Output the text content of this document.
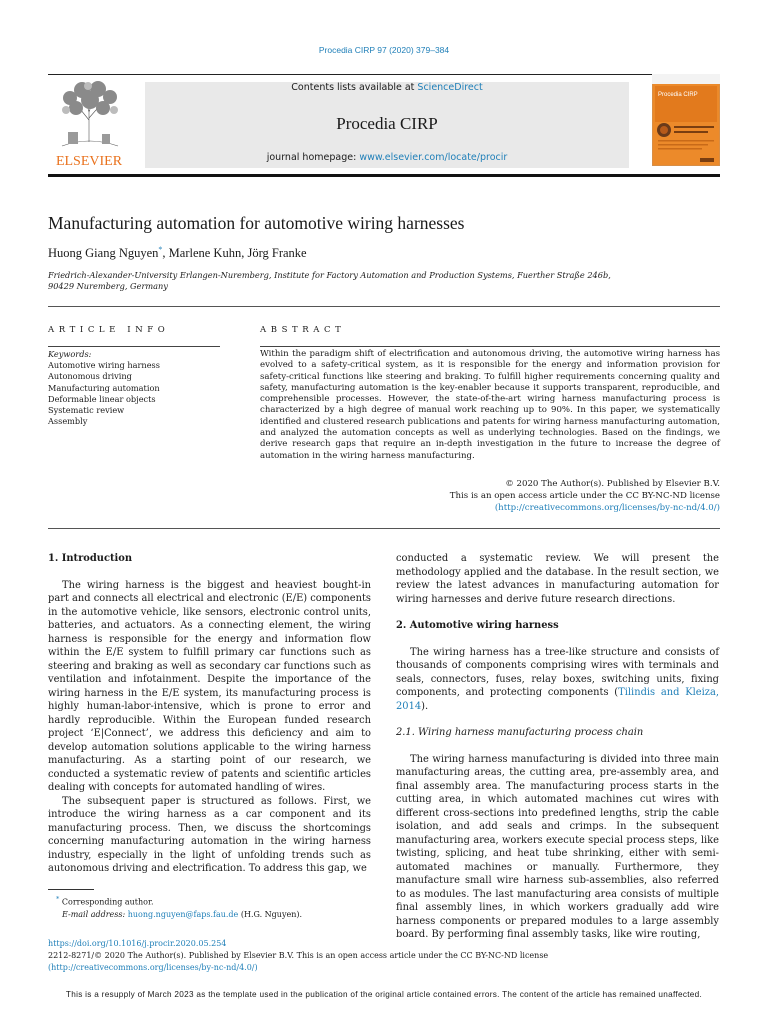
Procedia CIRP 97 (2020) 379–384
ELSEVIER
Contents lists available at ScienceDirect
Procedia CIRP
journal homepage: www.elsevier.com/locate/procir
Procedia CIRP
Manufacturing automation for automotive wiring harnesses
Huong Giang Nguyen*, Marlene Kuhn, Jörg Franke
Friedrich-Alexander-University Erlangen-Nuremberg, Institute for Factory Automation and Production Systems, Fuerther Straße 246b, 90429 Nuremberg, Germany
ARTICLE INFO	ABSTRACT
Keywords:
Automotive wiring harness
Autonomous driving
Manufacturing automation
Deformable linear objects
Systematic review
Assembly
Within the paradigm shift of electrification and autonomous driving, the automotive wiring harness has evolved to a safety-critical system, as it is responsible for the energy and information provision for safety-critical functions like steering and braking. To fulfill higher requirements concerning quality and safety, manufacturing automation is the key-enabler because it supports transparent, reproducible, and comprehensible processes. However, the state-of-the-art wiring harness manufacturing process is characterized by a high degree of manual work reaching up to 90%. In this paper, we systematically identified and clustered research publications and patents for wiring harness manufacturing automation, and analyzed the automation concepts as well as underlying technologies. Based on the findings, we derive research gaps that require an in-depth investigation in the future to increase the degree of automation in the wiring harness manufacturing.
© 2020 The Author(s). Published by Elsevier B.V.
This is an open access article under the CC BY-NC-ND license
(http://creativecommons.org/licenses/by-nc-nd/4.0/)
1. Introduction

The wiring harness is the biggest and heaviest bought-in part and connects all electrical and electronic (E/E) components in the automotive vehicle, like sensors, electronic control units, batteries, and actuators. As a connecting element, the wiring harness is responsible for the energy and information flow within the E/E system to fulfill primary car functions such as steering and braking as well as secondary car functions such as ventilation and infotainment. Despite the importance of the wiring harness in the E/E system, its manufacturing process is highly human-labor-intensive, which is prone to error and hardly reproducible. Within the European funded research project ‘E|Connect’, we address this deficiency and aim to develop automation solutions applicable to the wiring harness manufacturing. As a starting point of our research, we conducted a systematic review of patents and scientific articles dealing with concepts for automated handling of wires.

The subsequent paper is structured as follows. First, we introduce the wiring harness as a car component and its manufacturing process. Then, we discuss the shortcomings concerning manufacturing automation in the wiring harness industry, especially in the light of unfolding trends such as autonomous driving and electrification. To address this gap, we

conducted a systematic review. We will present the methodology applied and the database. In the result section, we review the latest advances in manufacturing automation for wiring harnesses and derive future research directions.

2. Automotive wiring harness

The wiring harness has a tree-like structure and consists of thousands of components comprising wires with terminals and seals, connectors, fuses, relay boxes, switching units, fixing components, and protecting components (Tilindis and Kleiza, 2014).

2.1. Wiring harness manufacturing process chain

The wiring harness manufacturing is divided into three main manufacturing areas, the cutting area, pre-assembly area, and final assembly area. The manufacturing process starts in the cutting area, in which automated machines cut wires with different cross-sections into predefined lengths, strip the cable isolation, and add seals and crimps. In the subsequent manufacturing area, workers execute special process steps, like twisting, splicing, and heat tube shrinking, either with semi-automated machines or manually. Furthermore, they manufacture small wire harness sub-assemblies, also referred to as modules. The last manufacturing area consists of multiple final assembly lines, in which workers gradually add wire harness components or prepared modules to a large assembly board. By performing final assembly tasks, like wire routing,

* Corresponding author.
E-mail address: huong.nguyen@faps.fau.de (H.G. Nguyen).
https://doi.org/10.1016/j.procir.2020.05.254
2212-8271/© 2020 The Author(s). Published by Elsevier B.V. This is an open access article under the CC BY-NC-ND license
(http://creativecommons.org/licenses/by-nc-nd/4.0/)
This is a resupply of March 2023 as the template used in the publication of the original article contained errors. The content of the article has remained unaffected.
